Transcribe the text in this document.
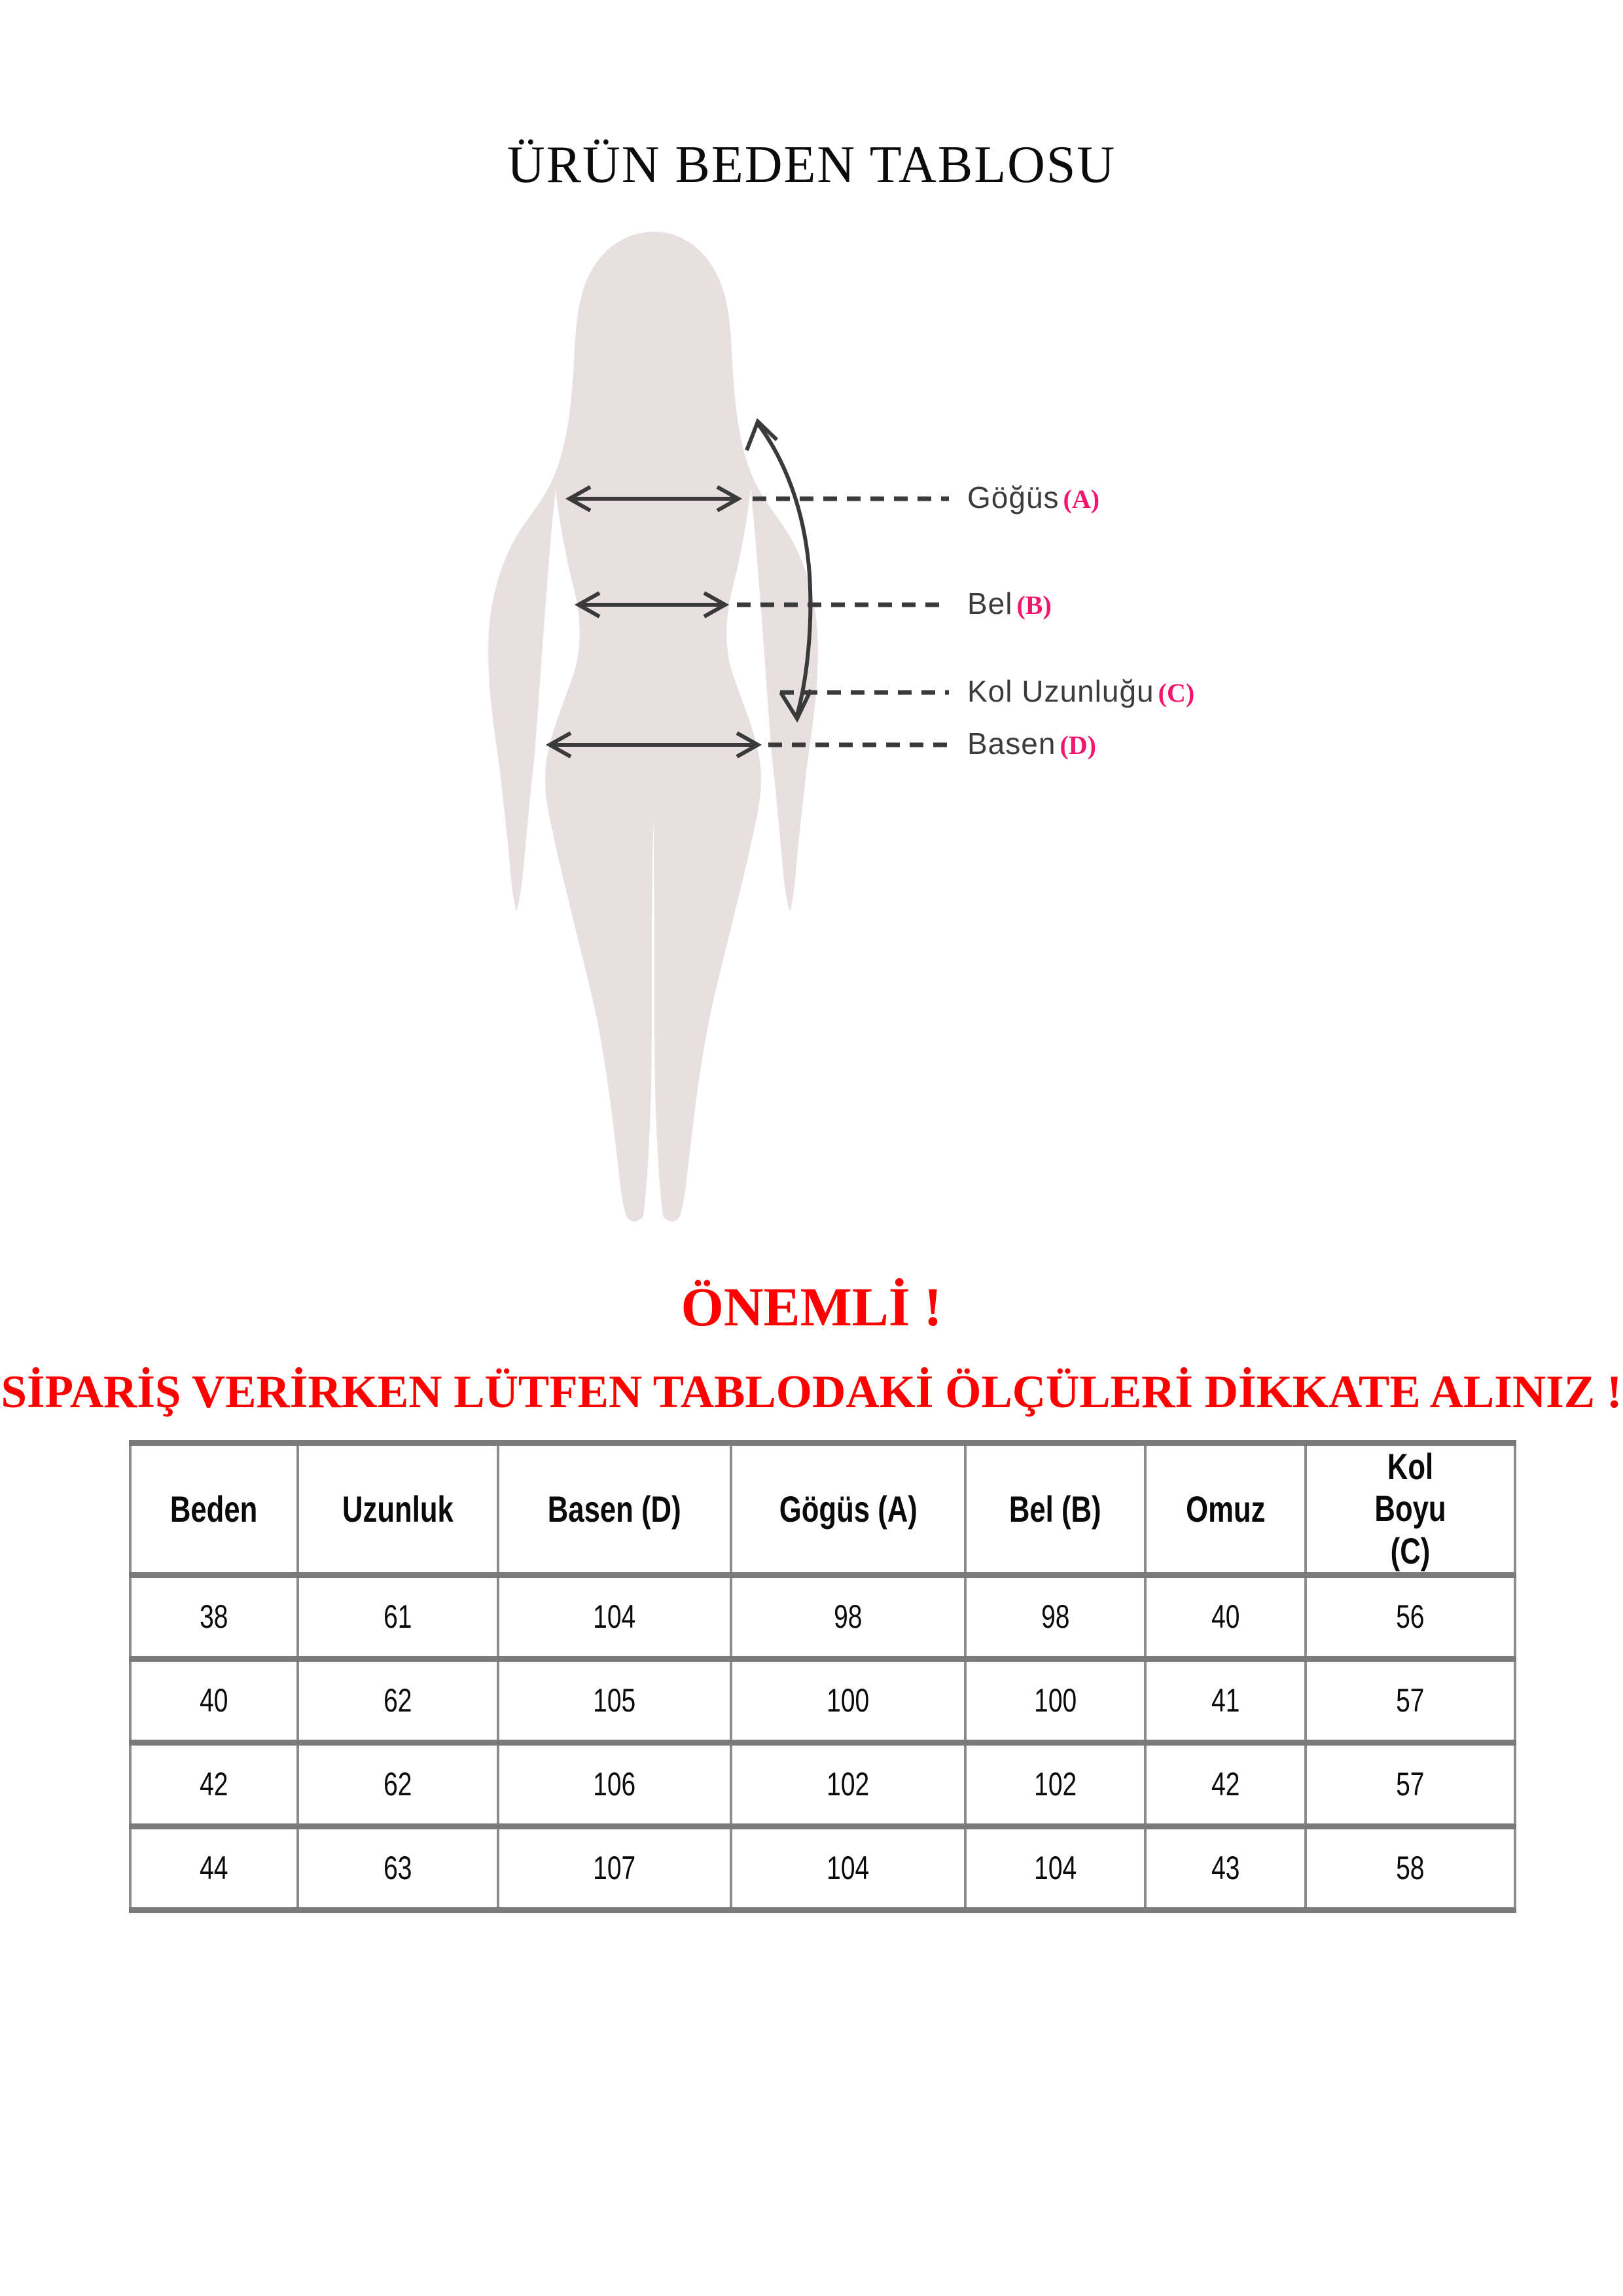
ÜRÜN BEDEN TABLOSU
Göğüs (A)
Bel (B)
Kol Uzunluğu (C)
Basen (D)
ÖNEMLİ !
SİPARİŞ VERİRKEN LÜTFEN TABLODAKİ ÖLÇÜLERİ DİKKATE ALINIZ !
Beden	Uzunluk	Basen (D)	Gögüs (A)	Bel (B)	Omuz	Kol Boyu (C)
38	61	104	98	98	40	56
40	62	105	100	100	41	57
42	62	106	102	102	42	57
44	63	107	104	104	43	58
